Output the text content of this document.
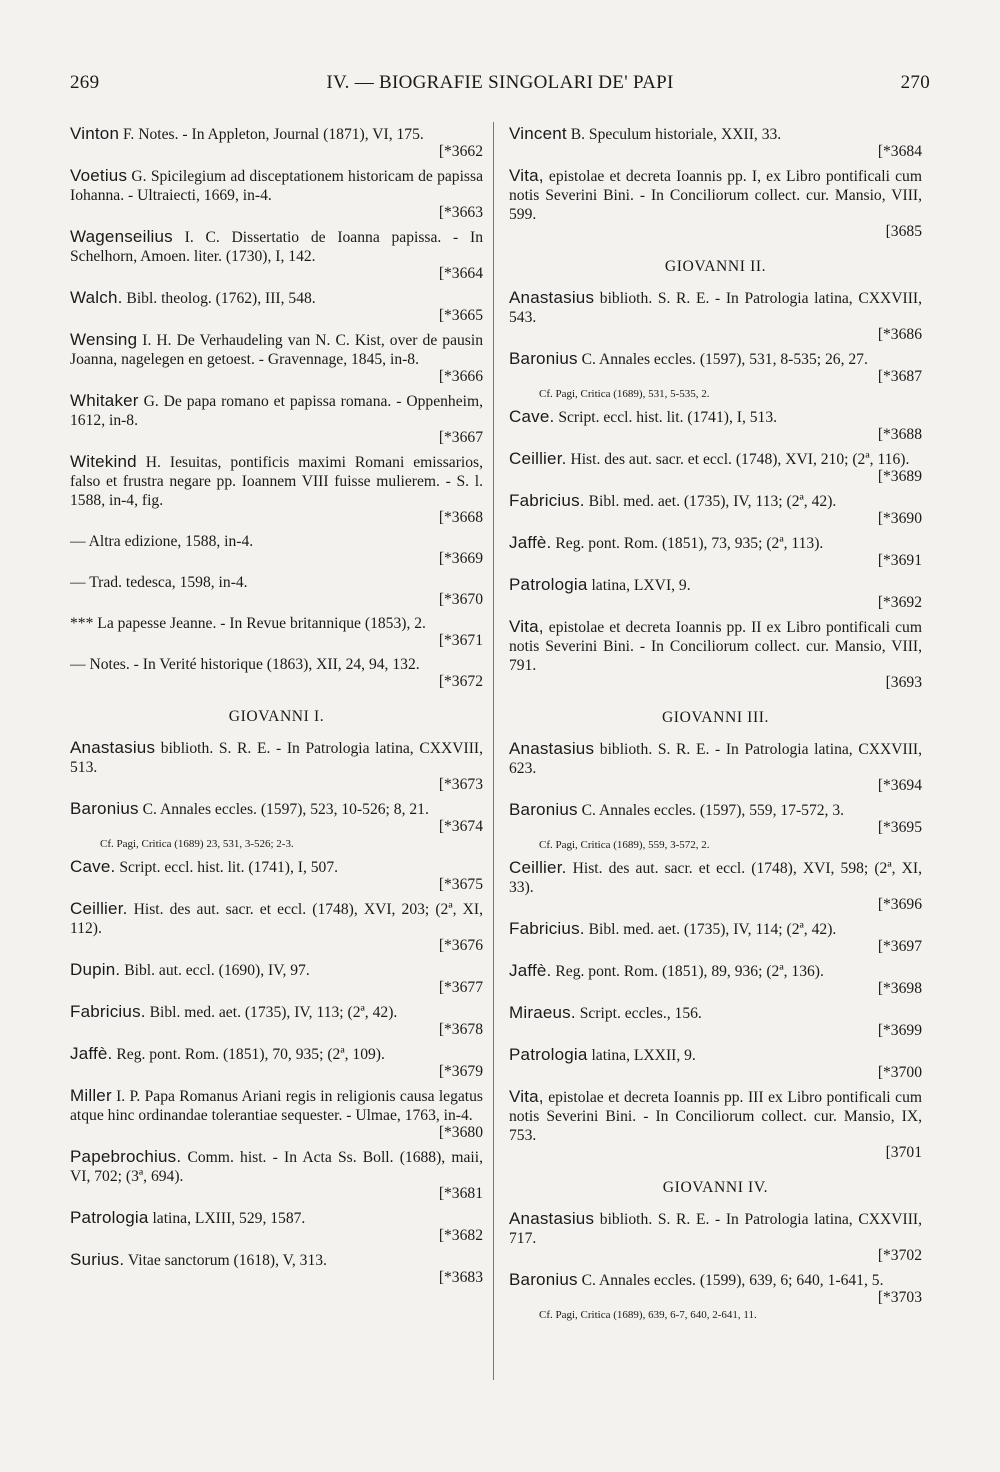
269	IV. — BIOGRAFIE SINGOLARI DE' PAPI	270
Vinton F. Notes. - In Appleton, Journal (1871), VI, 175.
[*3662
Voetius G. Spicilegium ad disceptationem historicam de papissa Iohanna. - Ultraiecti, 1669, in-4.
[*3663
Wagenseilius I. C. Dissertatio de Ioanna papissa. - In Schelhorn, Amoen. liter. (1730), I, 142.
[*3664
Walch. Bibl. theolog. (1762), III, 548.
[*3665
Wensing I. H. De Verhaudeling van N. C. Kist, over de pausin Joanna, nagelegen en getoest. - Gravennage, 1845, in-8.
[*3666
Whitaker G. De papa romano et papissa romana. - Oppenheim, 1612, in-8.
[*3667
Witekind H. Iesuitas, pontificis maximi Romani emissarios, falso et frustra negare pp. Ioannem VIII fuisse mulierem. - S. l. 1588, in-4, fig.
[*3668
— Altra edizione, 1588, in-4.
[*3669
— Trad. tedesca, 1598, in-4.
[*3670
*** La papesse Jeanne. - In Revue britannique (1853), 2.
[*3671
— Notes. - In Verité historique (1863), XII, 24, 94, 132.
[*3672
GIOVANNI I.
Anastasius biblioth. S. R. E. - In Patrologia latina, CXXVIII, 513.
[*3673
Baronius C. Annales eccles. (1597), 523, 10-526; 8, 21.
[*3674
Cf. Pagi, Critica (1689) 23, 531, 3-526; 2-3.
Cave. Script. eccl. hist. lit. (1741), I, 507.
[*3675
Ceillier. Hist. des aut. sacr. et eccl. (1748), XVI, 203; (2ª, XI, 112).
[*3676
Dupin. Bibl. aut. eccl. (1690), IV, 97.
[*3677
Fabricius. Bibl. med. aet. (1735), IV, 113; (2ª, 42).
[*3678
Jaffè. Reg. pont. Rom. (1851), 70, 935; (2ª, 109).
[*3679
Miller I. P. Papa Romanus Ariani regis in religionis causa legatus atque hinc ordinandae tolerantiae sequester. - Ulmae, 1763, in-4.
[*3680
Papebrochius. Comm. hist. - In Acta Ss. Boll. (1688), maii, VI, 702; (3ª, 694).
[*3681
Patrologia latina, LXIII, 529, 1587.
[*3682
Surius. Vitae sanctorum (1618), V, 313.
[*3683
Vincent B. Speculum historiale, XXII, 33.
[*3684
Vita, epistolae et decreta Ioannis pp. I, ex Libro pontificali cum notis Severini Bini. - In Conciliorum collect. cur. Mansio, VIII, 599.
[3685
GIOVANNI II.
Anastasius biblioth. S. R. E. - In Patrologia latina, CXXVIII, 543.
[*3686
Baronius C. Annales eccles. (1597), 531, 8-535; 26, 27.
[*3687
Cf. Pagi, Critica (1689), 531, 5-535, 2.
Cave. Script. eccl. hist. lit. (1741), I, 513.
[*3688
Ceillier. Hist. des aut. sacr. et eccl. (1748), XVI, 210; (2ª, 116).
[*3689
Fabricius. Bibl. med. aet. (1735), IV, 113; (2ª, 42).
[*3690
Jaffè. Reg. pont. Rom. (1851), 73, 935; (2ª, 113).
[*3691
Patrologia latina, LXVI, 9.
[*3692
Vita, epistolae et decreta Ioannis pp. II ex Libro pontificali cum notis Severini Bini. - In Conciliorum collect. cur. Mansio, VIII, 791.
[3693
GIOVANNI III.
Anastasius biblioth. S. R. E. - In Patrologia latina, CXXVIII, 623.
[*3694
Baronius C. Annales eccles. (1597), 559, 17-572, 3.
[*3695
Cf. Pagi, Critica (1689), 559, 3-572, 2.
Ceillier. Hist. des aut. sacr. et eccl. (1748), XVI, 598; (2ª, XI, 33).
[*3696
Fabricius. Bibl. med. aet. (1735), IV, 114; (2ª, 42).
[*3697
Jaffè. Reg. pont. Rom. (1851), 89, 936; (2ª, 136).
[*3698
Miraeus. Script. eccles., 156.
[*3699
Patrologia latina, LXXII, 9.
[*3700
Vita, epistolae et decreta Ioannis pp. III ex Libro pontificali cum notis Severini Bini. - In Conciliorum collect. cur. Mansio, IX, 753.
[3701
GIOVANNI IV.
Anastasius biblioth. S. R. E. - In Patrologia latina, CXXVIII, 717.
[*3702
Baronius C. Annales eccles. (1599), 639, 6; 640, 1-641, 5.
[*3703
Cf. Pagi, Critica (1689), 639, 6-7, 640, 2-641, 11.
